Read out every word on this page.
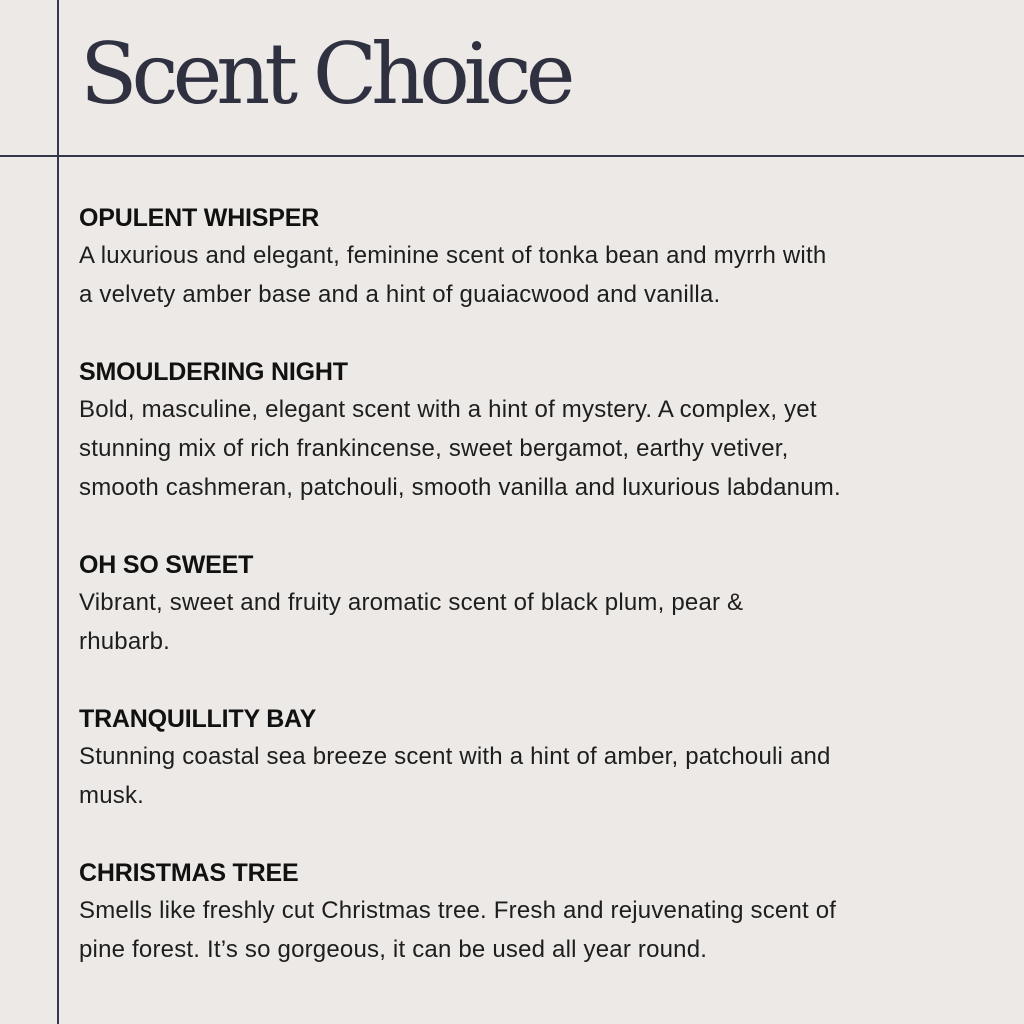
Scent Choice
OPULENT WHISPER

A luxurious and elegant, feminine scent of tonka bean and myrrh with

a velvety amber base and a hint of guaiacwood and vanilla.

SMOULDERING NIGHT

Bold, masculine, elegant scent with a hint of mystery. A complex, yet

stunning mix of rich frankincense, sweet bergamot, earthy vetiver,

smooth cashmeran, patchouli, smooth vanilla and luxurious labdanum.

OH SO SWEET

Vibrant, sweet and fruity aromatic scent of black plum, pear &

rhubarb.

TRANQUILLITY BAY

Stunning coastal sea breeze scent with a hint of amber, patchouli and

musk.

CHRISTMAS TREE

Smells like freshly cut Christmas tree. Fresh and rejuvenating scent of

pine forest. It’s so gorgeous, it can be used all year round.
